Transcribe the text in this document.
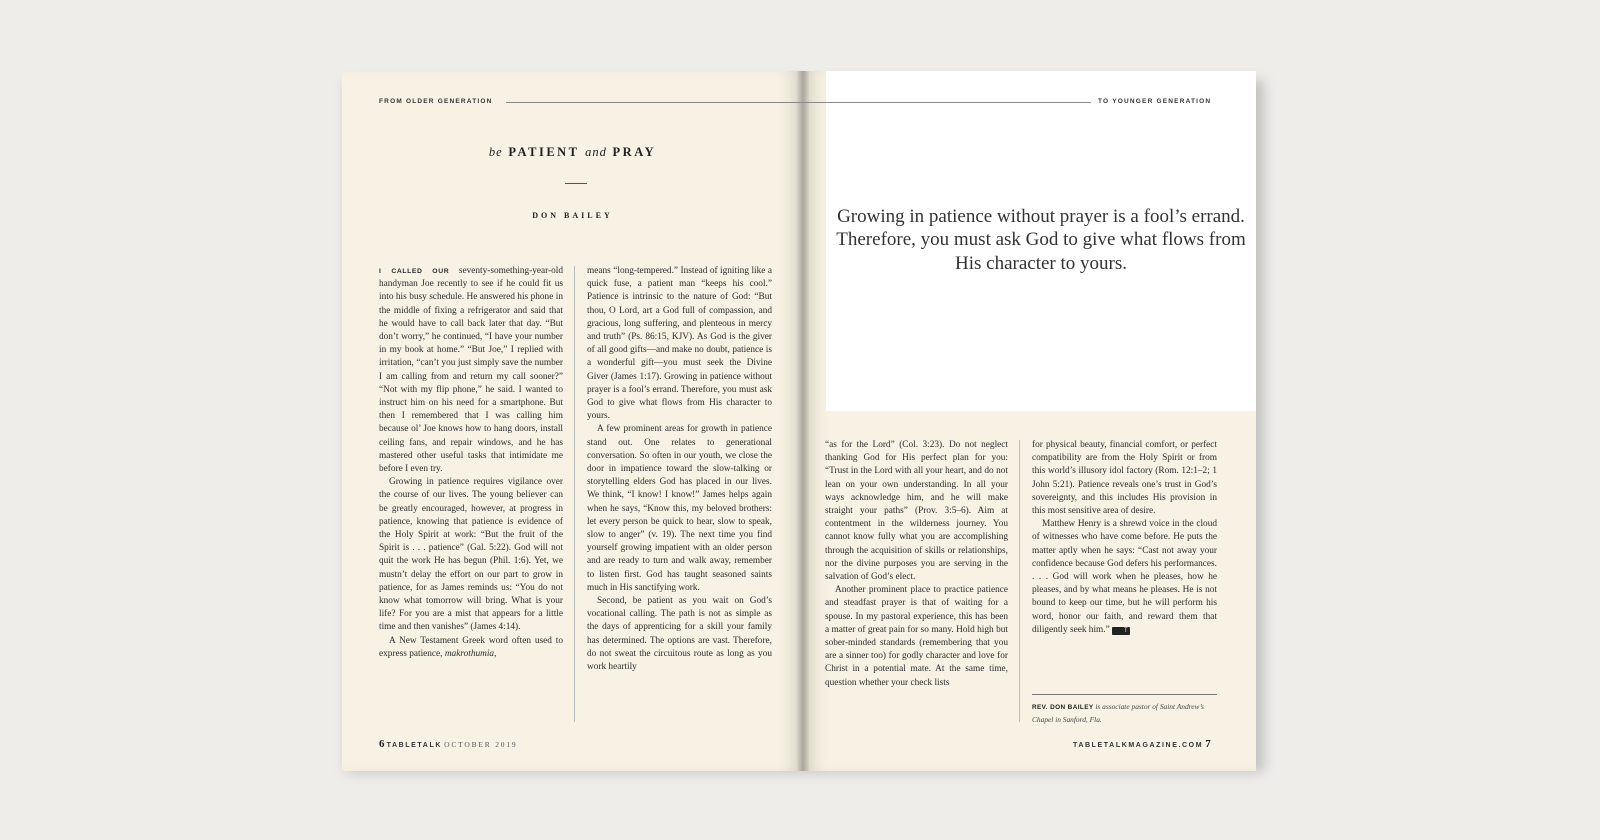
FROM OLDER GENERATION	TO YOUNGER GENERATION
be PATIENT and PRAY
DON BAILEY

I CALLED OUR seventy-something-year-old handyman Joe recently to see if he could fit us into his busy schedule. He answered his phone in the middle of fixing a refrigerator and said that he would have to call back later that day. “But don’t worry,” he continued, “I have your number in my book at home.” “But Joe,” I replied with irritation, “can’t you just simply save the number I am calling from and return my call sooner?” “Not with my flip phone,” he said. I wanted to instruct him on his need for a smartphone. But then I remembered that I was calling him because ol’ Joe knows how to hang doors, install ceiling fans, and repair windows, and he has mastered other useful tasks that intimidate me before I even try.

Growing in patience requires vigilance over the course of our lives. The young believer can be greatly encouraged, however, at progress in patience, knowing that patience is evidence of the Holy Spirit at work: “But the fruit of the Spirit is . . . patience” (Gal. 5:22). God will not quit the work He has begun (Phil. 1:6). Yet, we mustn’t delay the effort on our part to grow in patience, for as James reminds us: “You do not know what tomorrow will bring. What is your life? For you are a mist that appears for a little time and then vanishes” (James 4:14).

A New Testament Greek word often used to express patience, makrothumia,

means “long-tempered.” Instead of igniting like a quick fuse, a patient man “keeps his cool.” Patience is intrinsic to the nature of God: “But thou, O Lord, art a God full of compassion, and gracious, long suffering, and plenteous in mercy and truth” (Ps. 86:15, KJV). As God is the giver of all good gifts—and make no doubt, patience is a wonderful gift—you must seek the Divine Giver (James 1:17). Growing in patience without prayer is a fool’s errand. Therefore, you must ask God to give what flows from His character to yours.

A few prominent areas for growth in patience stand out. One relates to generational conversation. So often in our youth, we close the door in impatience toward the slow-talking or storytelling elders God has placed in our lives. We think, “I know! I know!” James helps again when he says, “Know this, my beloved brothers: let every person be quick to hear, slow to speak, slow to anger” (v. 19). The next time you find yourself growing impatient with an older person and are ready to turn and walk away, remember to listen first. God has taught seasoned saints much in His sanctifying work.

Second, be patient as you wait on God’s vocational calling. The path is not as simple as the days of apprenticing for a skill your family has determined. The options are vast. Therefore, do not sweat the circuitous route as long as you work heartily

“as for the Lord” (Col. 3:23). Do not neglect thanking God for His perfect plan for you: “Trust in the Lord with all your heart, and do not lean on your own understanding. In all your ways acknowledge him, and he will make straight your paths” (Prov. 3:5–6). Aim at contentment in the wilderness journey. You cannot know fully what you are accomplishing through the acquisition of skills or relationships, nor the divine purposes you are serving in the salvation of God’s elect.

Another prominent place to practice patience and steadfast prayer is that of waiting for a spouse. In my pastoral experience, this has been a matter of great pain for so many. Hold high but sober-minded standards (remembering that you are a sinner too) for godly character and love for Christ in a potential mate. At the same time, question whether your check lists

for physical beauty, financial comfort, or perfect compatibility are from the Holy Spirit or from this world’s illusory idol factory (Rom. 12:1–2; 1 John 5:21). Patience reveals one’s trust in God’s sovereignty, and this includes His provision in this most sensitive area of desire.

Matthew Henry is a shrewd voice in the cloud of witnesses who have come before. He puts the matter aptly when he says: “Cast not away your confidence because God defers his performances. . . . God will work when he pleases, how he pleases, and by what means he pleases. He is not bound to keep our time, but he will perform his word, honor our faith, and reward them that diligently seek him.” T

Growing in patience without prayer is a fool’s errand. Therefore, you must ask God to give what flows from His character to yours.
REV. DON BAILEY is associate pastor of Saint Andrew’s Chapel in Sanford, Fla.
6 TABLETALK OCTOBER 2019	TABLETALKMAGAZINE.COM 7
